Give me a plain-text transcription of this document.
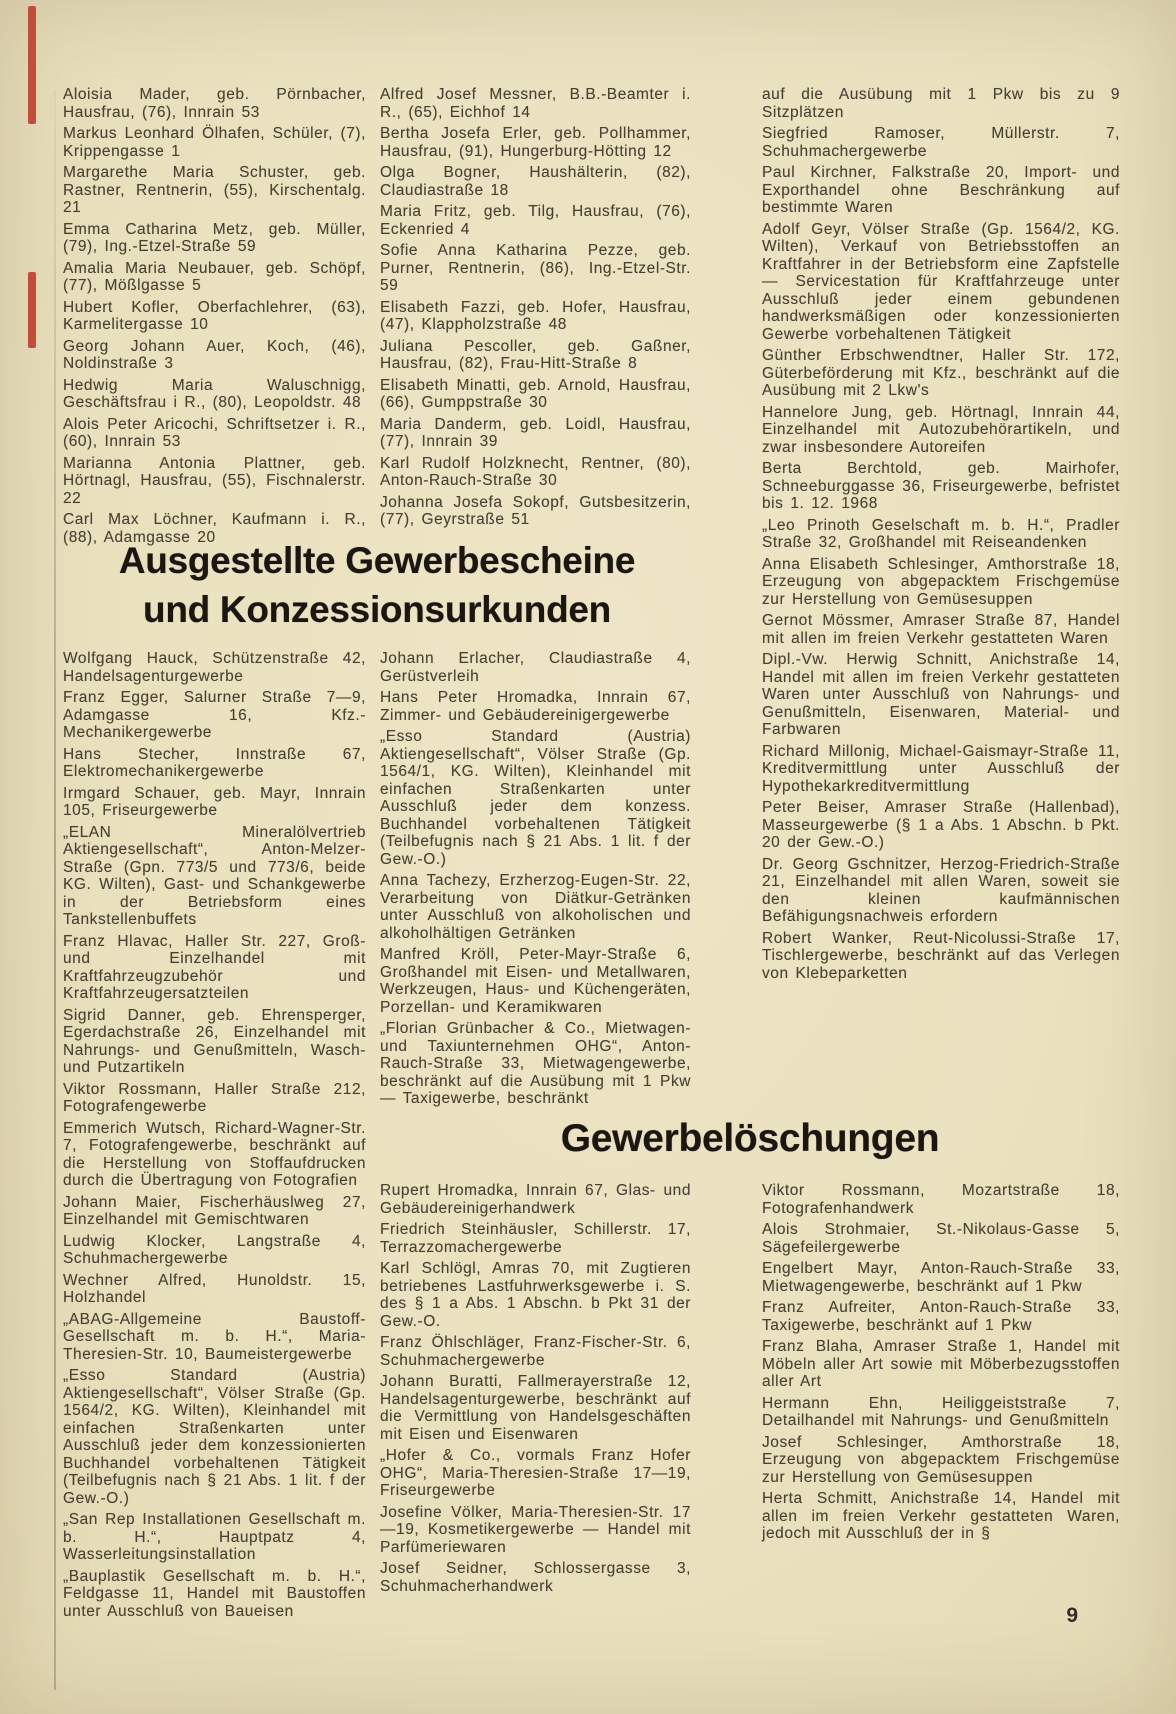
Aloisia Mader, geb. Pörnbacher, Hausfrau, (76), Innrain 53

Markus Leonhard Ölhafen, Schüler, (7), Krippengasse 1

Margarethe Maria Schuster, geb. Rastner, Rentnerin, (55), Kirschentalg. 21

Emma Catharina Metz, geb. Müller, (79), Ing.-Etzel-Straße 59

Amalia Maria Neubauer, geb. Schöpf, (77), Mößlgasse 5

Hubert Kofler, Oberfachlehrer, (63), Karmelitergasse 10

Georg Johann Auer, Koch, (46), Noldinstraße 3

Hedwig Maria Waluschnigg, Geschäftsfrau i R., (80), Leopoldstr. 48

Alois Peter Aricochi, Schriftsetzer i. R., (60), Innrain 53

Marianna Antonia Plattner, geb. Hörtnagl, Hausfrau, (55), Fischnalerstr. 22

Carl Max Löchner, Kaufmann i. R., (88), Adamgasse 20

Alfred Josef Messner, B.B.-Beamter i. R., (65), Eichhof 14

Bertha Josefa Erler, geb. Pollhammer, Hausfrau, (91), Hungerburg-Hötting 12

Olga Bogner, Haushälterin, (82), Claudiastraße 18

Maria Fritz, geb. Tilg, Hausfrau, (76), Eckenried 4

Sofie Anna Katharina Pezze, geb. Purner, Rentnerin, (86), Ing.-Etzel-Str. 59

Elisabeth Fazzi, geb. Hofer, Hausfrau, (47), Klappholzstraße 48

Juliana Pescoller, geb. Gaßner, Hausfrau, (82), Frau-Hitt-Straße 8

Elisabeth Minatti, geb. Arnold, Hausfrau, (66), Gumppstraße 30

Maria Danderm, geb. Loidl, Hausfrau, (77), Innrain 39

Karl Rudolf Holzknecht, Rentner, (80), Anton-Rauch-Straße 30

Johanna Josefa Sokopf, Gutsbesitzerin, (77), Geyrstraße 51

auf die Ausübung mit 1 Pkw bis zu 9 Sitzplätzen

Siegfried Ramoser, Müllerstr. 7, Schuhmachergewerbe

Paul Kirchner, Falkstraße 20, Import- und Exporthandel ohne Beschränkung auf bestimmte Waren

Adolf Geyr, Völser Straße (Gp. 1564/2, KG. Wilten), Verkauf von Betriebsstoffen an Kraftfahrer in der Betriebsform eine Zapfstelle — Servicestation für Kraftfahrzeuge unter Ausschluß jeder einem gebundenen handwerksmäßigen oder konzessionierten Gewerbe vorbehaltenen Tätigkeit

Günther Erbschwendtner, Haller Str. 172, Güterbeförderung mit Kfz., beschränkt auf die Ausübung mit 2 Lkw's

Hannelore Jung, geb. Hörtnagl, Innrain 44, Einzelhandel mit Autozubehörartikeln, und zwar insbesondere Autoreifen

Berta Berchtold, geb. Mairhofer, Schneeburggasse 36, Friseurgewerbe, befristet bis 1. 12. 1968

„Leo Prinoth Geselschaft m. b. H.“, Pradler Straße 32, Großhandel mit Reiseandenken

Anna Elisabeth Schlesinger, Amthorstraße 18, Erzeugung von abgepacktem Frischgemüse zur Herstellung von Gemüsesuppen

Gernot Mössmer, Amraser Straße 87, Handel mit allen im freien Verkehr gestatteten Waren

Dipl.-Vw. Herwig Schnitt, Anichstraße 14, Handel mit allen im freien Verkehr gestatteten Waren unter Ausschluß von Nahrungs- und Genußmitteln, Eisenwaren, Material- und Farbwaren

Richard Millonig, Michael-Gaismayr-Straße 11, Kreditvermittlung unter Ausschluß der Hypothekarkreditvermittlung

Peter Beiser, Amraser Straße (Hallenbad), Masseurgewerbe (§ 1 a Abs. 1 Abschn. b Pkt. 20 der Gew.-O.)

Dr. Georg Gschnitzer, Herzog-Friedrich-Straße 21, Einzelhandel mit allen Waren, soweit sie den kleinen kaufmännischen Befähigungsnachweis erfordern

Robert Wanker, Reut-Nicolussi-Straße 17, Tischlergewerbe, beschränkt auf das Verlegen von Klebeparketten

Ausgestellte Gewerbescheine
und Konzessionsurkunden

Wolfgang Hauck, Schützenstraße 42, Handelsagenturgewerbe

Franz Egger, Salurner Straße 7—9, Adamgasse 16, Kfz.-Mechanikergewerbe

Hans Stecher, Innstraße 67, Elektromechanikergewerbe

Irmgard Schauer, geb. Mayr, Innrain 105, Friseurgewerbe

„ELAN Mineralölvertrieb Aktiengesellschaft“, Anton-Melzer-Straße (Gpn. 773/5 und 773/6, beide KG. Wilten), Gast- und Schankgewerbe in der Betriebsform eines Tankstellenbuffets

Franz Hlavac, Haller Str. 227, Groß- und Einzelhandel mit Kraftfahrzeugzubehör und Kraftfahrzeugersatzteilen

Sigrid Danner, geb. Ehrensperger, Egerdachstraße 26, Einzelhandel mit Nahrungs- und Genußmitteln, Wasch- und Putzartikeln

Viktor Rossmann, Haller Straße 212, Fotografengewerbe

Emmerich Wutsch, Richard-Wagner-Str. 7, Fotografengewerbe, beschränkt auf die Herstellung von Stoffaufdrucken durch die Übertragung von Fotografien

Johann Maier, Fischerhäuslweg 27, Einzelhandel mit Gemischtwaren

Ludwig Klocker, Langstraße 4, Schuhmachergewerbe

Wechner Alfred, Hunoldstr. 15, Holzhandel

„ABAG-Allgemeine Baustoff-Gesellschaft m. b. H.“, Maria-Theresien-Str. 10, Baumeistergewerbe

„Esso Standard (Austria) Aktiengesellschaft“, Völser Straße (Gp. 1564/2, KG. Wilten), Kleinhandel mit einfachen Straßenkarten unter Ausschluß jeder dem konzessionierten Buchhandel vorbehaltenen Tätigkeit (Teilbefugnis nach § 21 Abs. 1 lit. f der Gew.-O.)

„San Rep Installationen Gesellschaft m. b. H.“, Hauptpatz 4, Wasserleitungsinstallation

„Bauplastik Gesellschaft m. b. H.“, Feldgasse 11, Handel mit Baustoffen unter Ausschluß von Baueisen

Johann Erlacher, Claudiastraße 4, Gerüstverleih

Hans Peter Hromadka, Innrain 67, Zimmer- und Gebäudereinigergewerbe

„Esso Standard (Austria) Aktiengesellschaft“, Völser Straße (Gp. 1564/1, KG. Wilten), Kleinhandel mit einfachen Straßenkarten unter Ausschluß jeder dem konzess. Buchhandel vorbehaltenen Tätigkeit (Teilbefugnis nach § 21 Abs. 1 lit. f der Gew.-O.)

Anna Tachezy, Erzherzog-Eugen-Str. 22, Verarbeitung von Diätkur-Getränken unter Ausschluß von alkoholischen und alkoholhältigen Getränken

Manfred Kröll, Peter-Mayr-Straße 6, Großhandel mit Eisen- und Metallwaren, Werkzeugen, Haus- und Küchengeräten, Porzellan- und Keramikwaren

„Florian Grünbacher & Co., Mietwagen- und Taxiunternehmen OHG“, Anton-Rauch-Straße 33, Mietwagengewerbe, beschränkt auf die Ausübung mit 1 Pkw — Taxigewerbe, beschränkt

Gewerbelöschungen

Rupert Hromadka, Innrain 67, Glas- und Gebäudereinigerhandwerk

Friedrich Steinhäusler, Schillerstr. 17, Terrazzomachergewerbe

Karl Schlögl, Amras 70, mit Zugtieren betriebenes Lastfuhrwerksgewerbe i. S. des § 1 a Abs. 1 Abschn. b Pkt 31 der Gew.-O.

Franz Öhlschläger, Franz-Fischer-Str. 6, Schuhmachergewerbe

Johann Buratti, Fallmerayerstraße 12, Handelsagenturgewerbe, beschränkt auf die Vermittlung von Handelsgeschäften mit Eisen und Eisenwaren

„Hofer & Co., vormals Franz Hofer OHG“, Maria-Theresien-Straße 17—19, Friseurgewerbe

Josefine Völker, Maria-Theresien-Str. 17—19, Kosmetikergewerbe — Handel mit Parfümeriewaren

Josef Seidner, Schlossergasse 3, Schuhmacherhandwerk

Viktor Rossmann, Mozartstraße 18, Fotografenhandwerk

Alois Strohmaier, St.-Nikolaus-Gasse 5, Sägefeilergewerbe

Engelbert Mayr, Anton-Rauch-Straße 33, Mietwagengewerbe, beschränkt auf 1 Pkw

Franz Aufreiter, Anton-Rauch-Straße 33, Taxigewerbe, beschränkt auf 1 Pkw

Franz Blaha, Amraser Straße 1, Handel mit Möbeln aller Art sowie mit Möberbezugsstoffen aller Art

Hermann Ehn, Heiliggeiststraße 7, Detailhandel mit Nahrungs- und Genußmitteln

Josef Schlesinger, Amthorstraße 18, Erzeugung von abgepacktem Frischgemüse zur Herstellung von Gemüsesuppen

Herta Schmitt, Anichstraße 14, Handel mit allen im freien Verkehr gestatteten Waren, jedoch mit Ausschluß der in §

9
